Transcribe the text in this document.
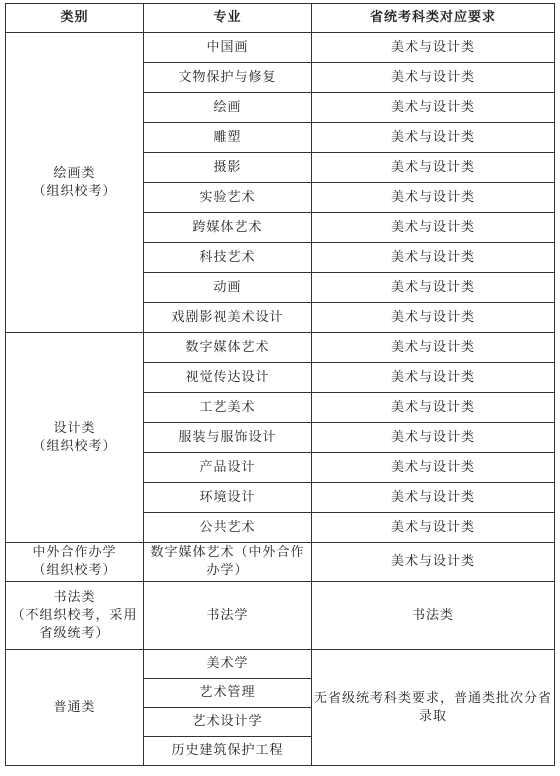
类别	专业	省统考科类对应要求

绘画类
（组织校考）	中国画	美术与设计类
	文物保护与修复	美术与设计类
	绘画	美术与设计类
	雕塑	美术与设计类
	摄影	美术与设计类
	实验艺术	美术与设计类
	跨媒体艺术	美术与设计类
	科技艺术	美术与设计类
	动画	美术与设计类
	戏剧影视美术设计	美术与设计类

设计类
（组织校考）	数字媒体艺术	美术与设计类
	视觉传达设计	美术与设计类
	工艺美术	美术与设计类
	服装与服饰设计	美术与设计类
	产品设计	美术与设计类
	环境设计	美术与设计类
	公共艺术	美术与设计类

中外合作办学
（组织校考）	数字媒体艺术（中外合作办学）	美术与设计类

书法类
（不组织校考，采用省级统考）	书法学	书法类

普通类	美术学	无省级统考科类要求，普通类批次分省录取
	艺术管理	
	艺术设计学	
	历史建筑保护工程	
